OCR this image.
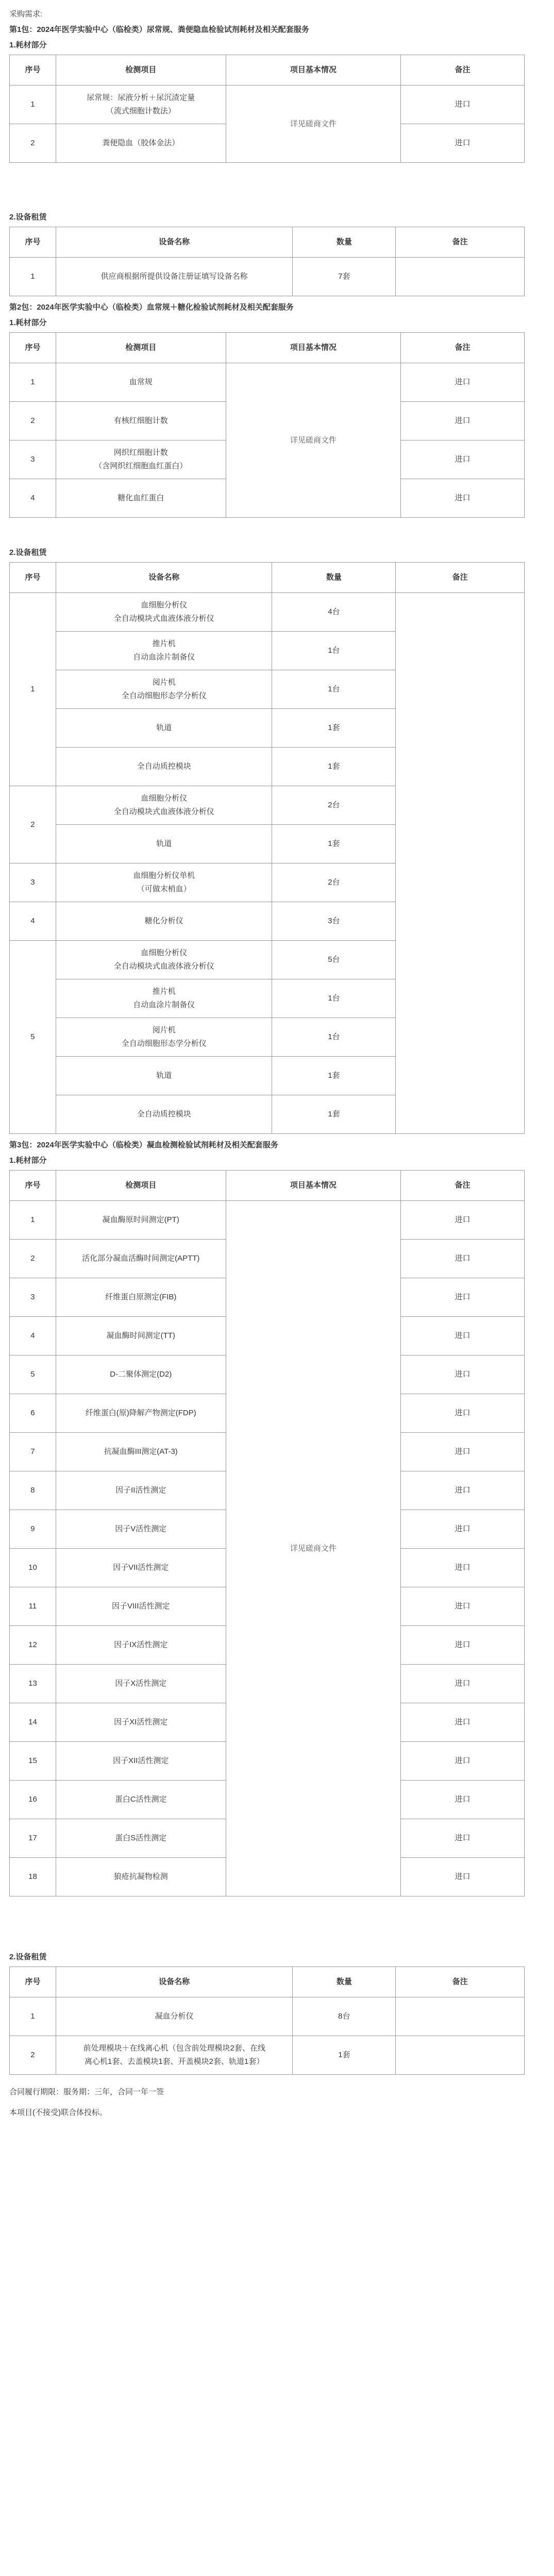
采购需求:
第1包：2024年医学实验中心（临检类）尿常规、粪便隐血检验试剂耗材及相关配套服务
1.耗材部分
序号	检测项目	项目基本情况	备注
1	尿常规：尿液分析＋尿沉渣定量
（流式细胞计数法）	详见磋商文件	进口
2	粪便隐血（胶体金法）		进口
2.设备租赁
序号	设备名称	数量	备注
1	供应商根据所提供设备注册证填写设备名称	7套	
第2包：2024年医学实验中心（临检类）血常规＋糖化检验试剂耗材及相关配套服务
1.耗材部分
序号	检测项目	项目基本情况	备注
1	血常规	详见磋商文件	进口
2	有核红细胞计数		进口
3	网织红细胞计数
（含网织红细胞血红蛋白）		进口
4	糖化血红蛋白		进口
2.设备租赁
序号	设备名称	数量	备注
1	血细胞分析仪
全自动模块式血液体液分析仪	4台	
	推片机
自动血涂片制备仪	1台	
	阅片机
全自动细胞形态学分析仪	1台	
	轨道	1套	
	全自动质控模块	1套	
2	血细胞分析仪
全自动模块式血液体液分析仪	2台	
	轨道	1套	
3	血细胞分析仪单机
（可做末梢血）	2台	
4	糖化分析仪	3台	
5	血细胞分析仪
全自动模块式血液体液分析仪	5台	
	推片机
自动血涂片制备仪	1台	
	阅片机
全自动细胞形态学分析仪	1台	
	轨道	1套	
	全自动质控模块	1套	
第3包：2024年医学实验中心（临检类）凝血检测检验试剂耗材及相关配套服务
1.耗材部分
序号	检测项目	项目基本情况	备注
1	凝血酶原时间测定(PT)	详见磋商文件	进口
2	活化部分凝血活酶时间测定(APTT)		进口
3	纤维蛋白原测定(FIB)		进口
4	凝血酶时间测定(TT)		进口
5	D-二聚体测定(D2)		进口
6	纤维蛋白(原)降解产物测定(FDP)		进口
7	抗凝血酶III测定(AT-3)		进口
8	因子II活性测定		进口
9	因子V活性测定		进口
10	因子VII活性测定		进口
11	因子VIII活性测定		进口
12	因子IX活性测定		进口
13	因子X活性测定		进口
14	因子XI活性测定		进口
15	因子XII活性测定		进口
16	蛋白C活性测定		进口
17	蛋白S活性测定		进口
18	狼疮抗凝物检测		进口
2.设备租赁
序号	设备名称	数量	备注
1	凝血分析仪	8台	
2	前处理模块＋在线离心机（包含前处理模块2套、在线
离心机1套、去盖模块1套、开盖模块2套、轨道1套）	1套	
合同履行期限：服务期：三年，合同一年一签
本项目(不接受)联合体投标。
